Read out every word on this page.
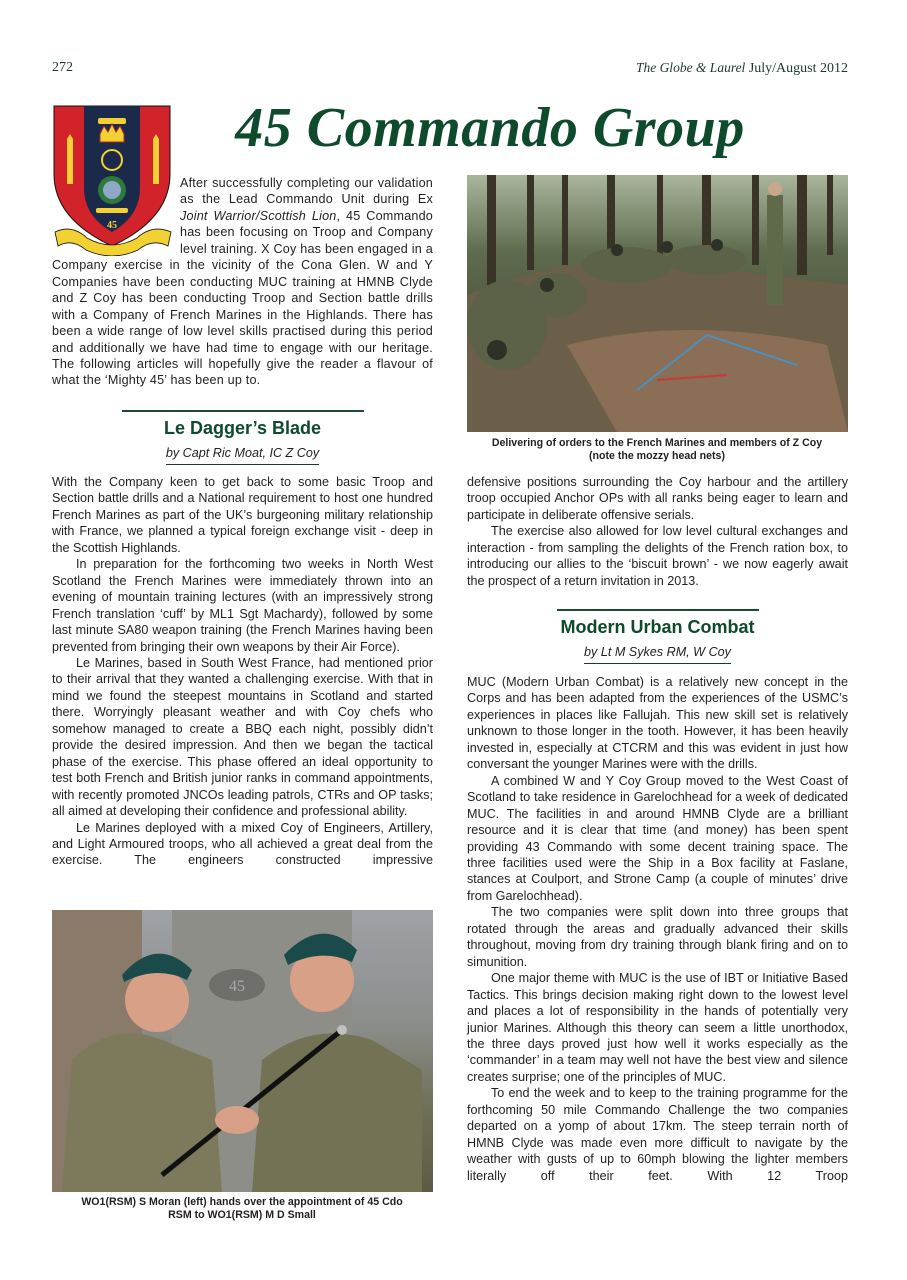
272	The Globe & Laurel July/August 2012
45 Commando Group
45

After successfully completing our validation as the Lead Commando Unit during Ex Joint Warrior/Scottish Lion, 45 Commando has been focusing on Troop and Company level training. X Coy has been engaged in a Company exercise in the vicinity of the Cona Glen. W and Y Companies have been conducting MUC training at HMNB Clyde and Z Coy has been conducting Troop and Section battle drills with a Company of French Marines in the Highlands. There has been a wide range of low level skills practised during this period and additionally we have had time to engage with our heritage. The following articles will hopefully give the reader a flavour of what the ‘Mighty 45’ has been up to.

Le Dagger’s Blade
by Capt Ric Moat, IC Z Coy

With the Company keen to get back to some basic Troop and Section battle drills and a National requirement to host one hundred French Marines as part of the UK’s burgeoning military relationship with France, we planned a typical foreign exchange visit - deep in the Scottish Highlands.

In preparation for the forthcoming two weeks in North West Scotland the French Marines were immediately thrown into an evening of mountain training lectures (with an impressively strong French translation ‘cuff’ by ML1 Sgt Machardy), followed by some last minute SA80 weapon training (the French Marines having been prevented from bringing their own weapons by their Air Force).

Le Marines, based in South West France, had mentioned prior to their arrival that they wanted a challenging exercise. With that in mind we found the steepest mountains in Scotland and started there. Worryingly pleasant weather and with Coy chefs who somehow managed to create a BBQ each night, possibly didn’t provide the desired impression. And then we began the tactical phase of the exercise. This phase offered an ideal opportunity to test both French and British junior ranks in command appointments, with recently promoted JNCOs leading patrols, CTRs and OP tasks; all aimed at developing their confidence and professional ability.

Le Marines deployed with a mixed Coy of Engineers, Artillery, and Light Armoured troops, who all achieved a great deal from the exercise. The engineers constructed impressive

Delivering of orders to the French Marines and members of Z Coy
(note the mozzy head nets)

defensive positions surrounding the Coy harbour and the artillery troop occupied Anchor OPs with all ranks being eager to learn and participate in deliberate offensive serials.

The exercise also allowed for low level cultural exchanges and interaction - from sampling the delights of the French ration box, to introducing our allies to the ‘biscuit brown’ - we now eagerly await the prospect of a return invitation in 2013.

Modern Urban Combat
by Lt M Sykes RM, W Coy

MUC (Modern Urban Combat) is a relatively new concept in the Corps and has been adapted from the experiences of the USMC’s experiences in places like Fallujah. This new skill set is relatively unknown to those longer in the tooth. However, it has been heavily invested in, especially at CTCRM and this was evident in just how conversant the younger Marines were with the drills.

A combined W and Y Coy Group moved to the West Coast of Scotland to take residence in Garelochhead for a week of dedicated MUC. The facilities in and around HMNB Clyde are a brilliant resource and it is clear that time (and money) has been spent providing 43 Commando with some decent training space. The three facilities used were the Ship in a Box facility at Faslane, stances at Coulport, and Strone Camp (a couple of minutes’ drive from Garelochhead).

The two companies were split down into three groups that rotated through the areas and gradually advanced their skills throughout, moving from dry training through blank firing and on to simunition.

One major theme with MUC is the use of IBT or Initiative Based Tactics. This brings decision making right down to the lowest level and places a lot of responsibility in the hands of potentially very junior Marines. Although this theory can seem a little unorthodox, the three days proved just how well it works especially as the ‘commander’ in a team may well not have the best view and silence creates surprise; one of the principles of MUC.

To end the week and to keep to the training programme for the forthcoming 50 mile Commando Challenge the two companies departed on a yomp of about 17km. The steep terrain north of HMNB Clyde was made even more difficult to navigate by the weather with gusts of up to 60mph blowing the lighter members literally off their feet. With 12 Troop

45
WO1(RSM) S Moran (left) hands over the appointment of 45 Cdo
RSM to WO1(RSM) M D Small
